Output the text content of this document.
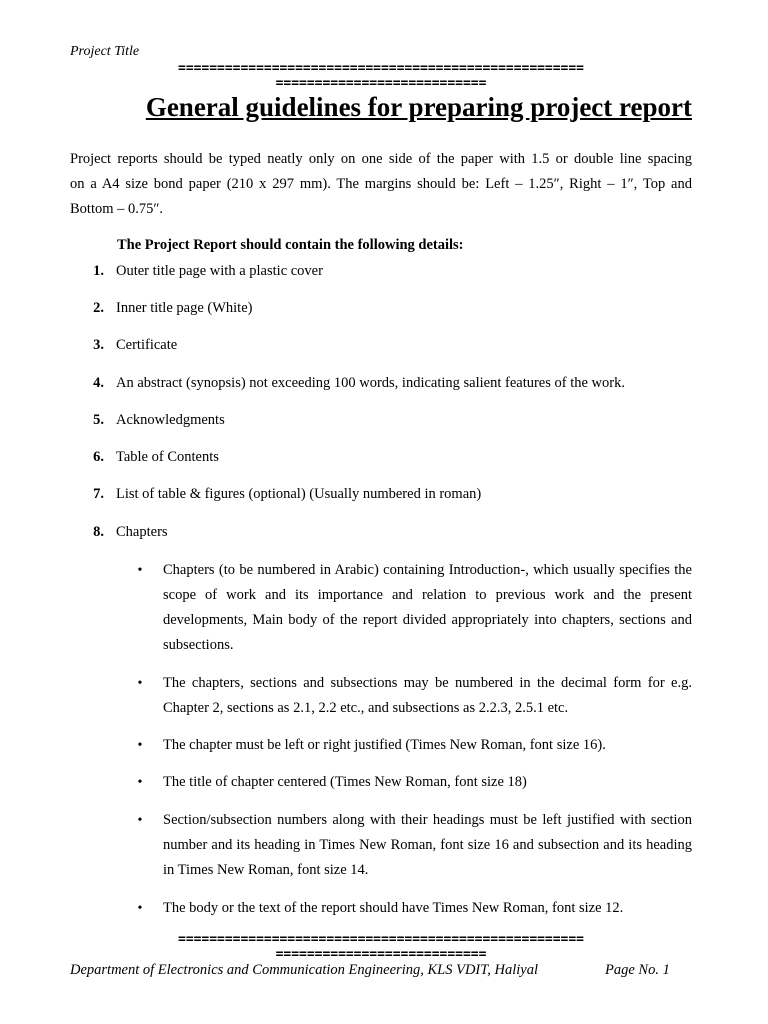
Project Title
====================================================
===========================
General guidelines for preparing project report
Project reports should be typed neatly only on one side of the paper with 1.5 or double line spacing
on a A4 size bond paper (210 x 297 mm). The margins should be: Left – 1.25″, Right – 1″, Top and
Bottom – 0.75″.
The Project Report should contain the following details:
1. Outer title page with a plastic cover
2. Inner title page (White)
3. Certificate
4. An abstract (synopsis) not exceeding 100 words, indicating salient features of the work.
5. Acknowledgments
6. Table of Contents
7. List of table & figures (optional) (Usually numbered in roman)
8. Chapters
•	Chapters (to be numbered in Arabic) containing Introduction-, which usually specifies the scope of work and its importance and relation to previous work and the present developments, Main body of the report divided appropriately into chapters, sections and subsections.
•	The chapters, sections and subsections may be numbered in the decimal form for e.g. Chapter 2, sections as 2.1, 2.2 etc., and subsections as 2.2.3, 2.5.1 etc.
•	The chapter must be left or right justified (Times New Roman, font size 16).
•	The title of chapter centered (Times New Roman, font size 18)
•	Section/subsection numbers along with their headings must be left justified with section number and its heading in Times New Roman, font size 16 and subsection and its heading in Times New Roman, font size 14.
•	The body or the text of the report should have Times New Roman, font size 12.
====================================================
===========================
Department of Electronics and Communication Engineering, KLS VDIT, Haliyal	Page No. 1
